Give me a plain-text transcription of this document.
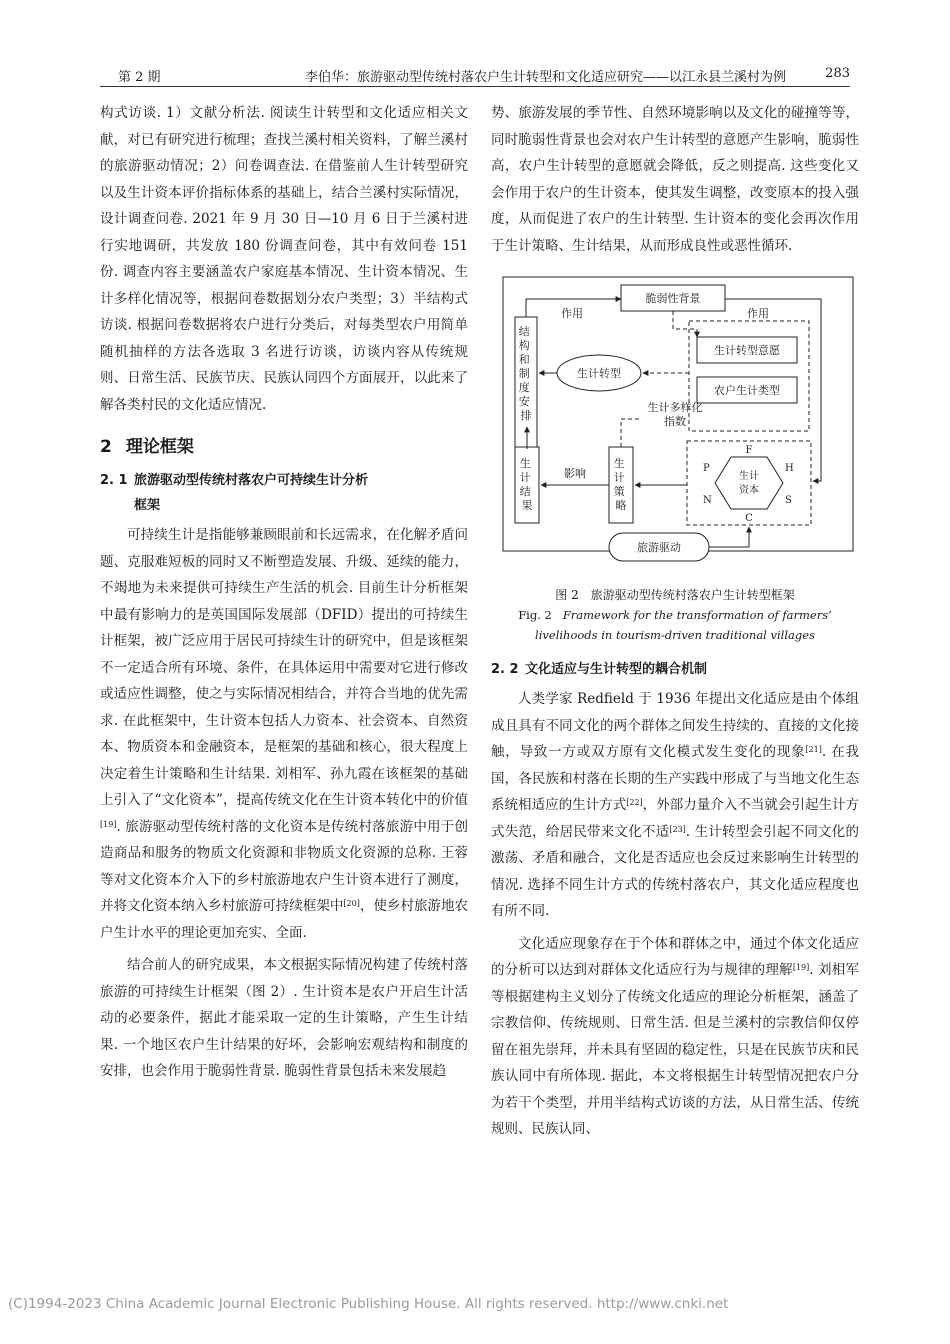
第 2 期	李伯华：旅游驱动型传统村落农户生计转型和文化适应研究——以江永县兰溪村为例	283

构式访谈. 1）文献分析法. 阅读生计转型和文化适应相关文献，对已有研究进行梳理；查找兰溪村相关资料，了解兰溪村的旅游驱动情况；2）问卷调查法. 在借鉴前人生计转型研究以及生计资本评价指标体系的基础上，结合兰溪村实际情况，设计调查问卷. 2021 年 9 月 30 日—10 月 6 日于兰溪村进行实地调研，共发放 180 份调查问卷，其中有效问卷 151 份. 调查内容主要涵盖农户家庭基本情况、生计资本情况、生计多样化情况等，根据问卷数据划分农户类型；3）半结构式访谈. 根据问卷数据将农户进行分类后，对每类型农户用简单随机抽样的方法各选取 3 名进行访谈，访谈内容从传统规则、日常生活、民族节庆、民族认同四个方面展开，以此来了解各类村民的文化适应情况.

2 理论框架
2. 1 旅游驱动型传统村落农户可持续生计分析
框架

可持续生计是指能够兼顾眼前和长远需求，在化解矛盾问题、克服难短板的同时又不断塑造发展、升级、延续的能力，不竭地为未来提供可持续生产生活的机会. 目前生计分析框架中最有影响力的是英国国际发展部（DFID）提出的可持续生计框架，被广泛应用于居民可持续生计的研究中，但是该框架不一定适合所有环境、条件，在具体运用中需要对它进行修改或适应性调整，使之与实际情况相结合，并符合当地的优先需求. 在此框架中，生计资本包括人力资本、社会资本、自然资本、物质资本和金融资本，是框架的基础和核心，很大程度上决定着生计策略和生计结果. 刘相军、孙九霞在该框架的基础上引入了“文化资本”，提高传统文化在生计资本转化中的价值[19]. 旅游驱动型传统村落的文化资本是传统村落旅游中用于创造商品和服务的物质文化资源和非物质文化资源的总称. 王蓉等对文化资本介入下的乡村旅游地农户生计资本进行了测度，并将文化资本纳入乡村旅游可持续框架中[20]，使乡村旅游地农户生计水平的理论更加充实、全面.

结合前人的研究成果，本文根据实际情况构建了传统村落旅游的可持续生计框架（图 2）. 生计资本是农户开启生计活动的必要条件，据此才能采取一定的生计策略，产生生计结果. 一个地区农户生计结果的好坏，会影响宏观结构和制度的安排，也会作用于脆弱性背景. 脆弱性背景包括未来发展趋

势、旅游发展的季节性、自然环境影响以及文化的碰撞等等，同时脆弱性背景也会对农户生计转型的意愿产生影响，脆弱性高，农户生计转型的意愿就会降低，反之则提高. 这些变化又会作用于农户的生计资本，使其发生调整，改变原本的投入强度，从而促进了农户的生计转型. 生计资本的变化会再次作用于生计策略、生计结果，从而形成良性或恶性循环.

脆弱性背景
结 构 和 制 度 安 排
作用	作用
生计转型意愿
农户生计类型
生计转型
生计多样化
指数
生 计 策 略
生 计 结 果
影响	生计
资本
F
H
S
C
N
P
旅游驱动
图 2　旅游驱动型传统村落农户生计转型框架
Fig. 2 Framework for the transformation of farmers’
livelihoods in tourism-driven traditional villages
2. 2 文化适应与生计转型的耦合机制

人类学家 Redfield 于 1936 年提出文化适应是由个体组成且具有不同文化的两个群体之间发生持续的、直接的文化接触，导致一方或双方原有文化模式发生变化的现象[21]. 在我国，各民族和村落在长期的生产实践中形成了与当地文化生态系统相适应的生计方式[22]，外部力量介入不当就会引起生计方式失范，给居民带来文化不适[23]. 生计转型会引起不同文化的激荡、矛盾和融合，文化是否适应也会反过来影响生计转型的情况. 选择不同生计方式的传统村落农户，其文化适应程度也有所不同.

文化适应现象存在于个体和群体之中，通过个体文化适应的分析可以达到对群体文化适应行为与规律的理解[19]. 刘相军等根据建构主义划分了传统文化适应的理论分析框架，涵盖了宗教信仰、传统规则、日常生活. 但是兰溪村的宗教信仰仅停留在祖先崇拜，并未具有坚固的稳定性，只是在民族节庆和民族认同中有所体现. 据此，本文将根据生计转型情况把农户分为若干个类型，并用半结构式访谈的方法，从日常生活、传统规则、民族认同、

(C)1994-2023 China Academic Journal Electronic Publishing House. All rights reserved. http://www.cnki.net
